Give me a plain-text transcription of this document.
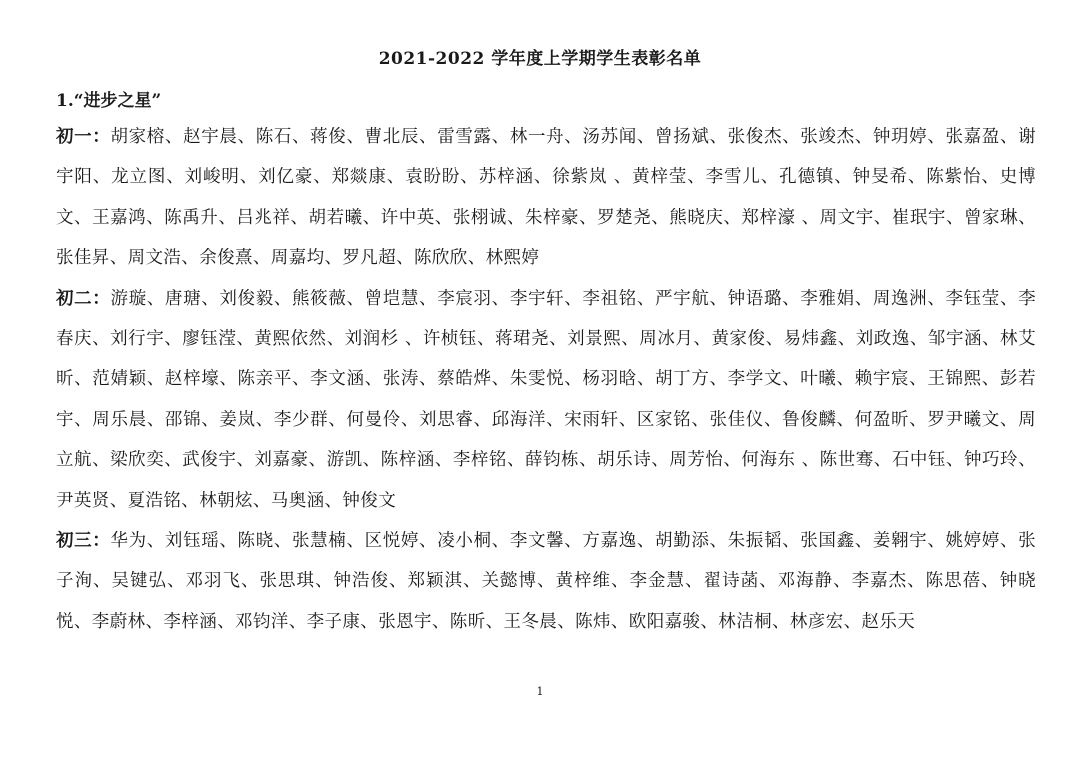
2021-2022 学年度上学期学生表彰名单
1.“进步之星”

初一：胡家榕、赵宇晨、陈石、蒋俊、曹北辰、雷雪露、林一舟、汤苏闻、曾扬斌、张俊杰、张竣杰、钟玥婷、张嘉盈、谢宇阳、龙立图、刘峻明、刘亿豪、郑燚康、袁盼盼、苏梓涵、徐紫岚 、黄梓莹、李雪儿、孔德镇、钟旻希、陈紫怡、史博文、王嘉鸿、陈禹升、吕兆祥、胡若曦、许中英、张栩诚、朱梓豪、罗楚尧、熊晓庆、郑梓濠 、周文宇、崔珉宇、曾家琳、张佳昇、周文浩、余俊熹、周嘉均、罗凡超、陈欣欣、林熙婷

初二：游璇、唐瑭、刘俊毅、熊筱薇、曾垲慧、李宸羽、李宇轩、李祖铭、严宇航、钟语璐、李雅娟、周逸洲、李钰莹、李春庆、刘行宇、廖钰滢、黄熙依然、刘润杉 、许桢钰、蒋珺尧、刘景熙、周冰月、黄家俊、易炜鑫、刘政逸、邹宇涵、林艾昕、范婧颖、赵梓壕、陈亲平、李文涵、张涛、蔡皓烨、朱雯悦、杨羽晗、胡丁方、李学文、叶曦、赖宇宸、王锦熙、彭若宇、周乐晨、邵锦、姜岚、李少群、何曼伶、刘思睿、邱海洋、宋雨轩、区家铭、张佳仪、鲁俊麟、何盈昕、罗尹曦文、周立航、梁欣奕、武俊宇、刘嘉豪、游凯、陈梓涵、李梓铭、薛钧栋、胡乐诗、周芳怡、何海东 、陈世骞、石中钰、钟巧玲、尹英贤、夏浩铭、林朝炫、马奥涵、钟俊文

初三：华为、刘钰瑶、陈晓、张慧楠、区悦婷、凌小桐、李文馨、方嘉逸、胡勤添、朱振韬、张国鑫、姜翱宇、姚婷婷、张子洵、吴键弘、邓羽飞、张思琪、钟浩俊、郑颖淇、关懿博、黄梓维、李金慧、翟诗菡、邓海静、李嘉杰、陈思蓓、钟晓悦、李蔚林、李梓涵、邓钧洋、李子康、张恩宇、陈昕、王冬晨、陈炜、欧阳嘉骏、林洁桐、林彦宏、赵乐天

1
